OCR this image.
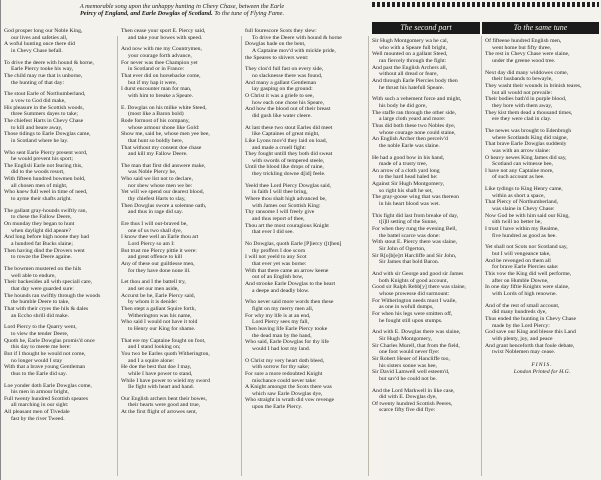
A memorable song upon the unhappy hunting in Chevy Chase, between the Earle
Peircy of England, and Earle Dowglas of Scotland. To the tune of Flying Fame.
The second part	To the same tune
God prosper long our Noble King,
our lives and safeties all,
A woful hunting once there did
in Chevy Chase befall.
To drive the deere with hound & horne,
Earle Piercy tooke his way,
The child may rue that is unborne,
the hunting of that day:
The stout Earle of Northumberland,
a vow to God did make,
His pleasure in the Scottish woods,
three Summers dayes to take;
The chiefest Harts in Chevy Chase
to kill and beare away,
Those tidings to Earle Dowglas came,
in Scotland where he lay.
Who sent Earle Piercy present word,
he would prevent his sport;
The Englisli Earle not fearing this,
did to the woods resort,
With fifteen hundred bowmen bold,
all chosen men of might,
Who knew full weel in time of need,
to ayme their shafts aright.
The gallant gray-hounds swiftly ran,
to chese the Fallow Deere,
On munday they began to hunt
when daylight did apeare?
And long before high noone they had
a hundred fat Bucks slaine;
Then having dind the Drovers went
to rowze the Deere againe.
The bowmen mustered on the hils
well able to endure,
Their backesides all with speciall care,
that day were guarded sure:
The hounds ran swiftly through the woods
the humble Deere to take,
That with their cryes the hils & dales
an Eccho shrill did make.
Lord Piercy to the Quarry went,
to view the tender Deere,
Quoth he, Earle Dowglas promis'd once
this day to meete me here:
But if I thought he would not come,
no longer would I stay
With that a brave young Gentleman
thus to the Earle did say.
Loe yonder doth Earle Dowglas come,
his men in armour bright,
Full twenty hundred Scottish speares
all marching in our sight:
All pleasant men of Tivedale
fast by the river Tweed.
Then cease your sport E. Piercy said,
and take your bowes with speed.
And now with me my Countrymen,
your courage forth advance,
For never was thee Champion yet
in Scotland or in France:
That ever did on horsebacke come,
but if my hap it were,
I durst encounter man for man,
with him to breake a Speare.
E. Dowglas on his milke white Steed,
(most like a Baron bold)
Rode formost of his company,
whose armour shone like Gold:
Show me, said he, whose men yee bee,
that hunt so boldly here,
That without my consent doe chase
and kill my Fallow Deere.
The man that first did answere make,
was Noble Piercy he,
Who said we list not to declare,
nor shew whose men we be:
Yet will we spend our dearest blood,
thy chiefest Harts to slay,
Then Dowglas swore a solemne oath,
and thus in rage did say.
Ere thus I will out-braved be,
one of us two shall dye,
I know thee well an Earle thou art
Lord Piercy so am I:
But trust me Piercy pittie it were:
and great offence to kill
Any of these our guiltlesse men,
for they have done none ill.
Let thou and I the battell try,
and set our men aside,
Accurst be he, Earle Piercy said,
by whom it is denide:
Then stept a gallant Squire forth,
Witherington was his name,
Who said I would not have it told
to Henry our King for shame.
That ere my Captaine fought on foot,
and I stand looking on;
You two be Earles quoth Witherington,
and I a squire alone:
He doe the best that doe I may,
while I have power to stand,
While I have power to wield my sword
Ile fight with heart and hand.
Our English archers bent their bowes,
their hearts were good and true,
At the first flight of arrowes sent,
full fourescore Scots they slew:
To drive the Deere with hound & horne
Dowglas bade on the bent,
A Captaine mov'd with mickle pride,
the Speares to shivers went:
They clos'd full fast on every side,
no slacknesse there was found,
And many a gallant Gentleman
lay gasping on the ground:
O Christ it was a griefe to see,
how each one chose his Speare,
And how the blood out of their breast
did gush like water cleere.
At last these two stout Earles did meet
like Captaines of great might,
Like Lyons mov'd they laid on load,
and made a cruell fight:
They fought untill they both did sweat
with swords of tempered steele,
Until the blood like drops of raine,
they trickling downe d[id] feele.
Yeeld thee Lord Piercy Dowglas said,
in faith I will thee bring,
Where thou shalt high advanced be,
with James our Scottish King:
Thy ransome I will freely give
and thus report of thee,
Thou art the most couragious Knight
that ever I did see.
No Dowglas, quoth Earle [P]iercy ([t]hen]
thy proffers I doe scorn
I will not yeeld to any Scot
that ever yet was borne:
With that there came an arrow keene
out of an English bow,
And strooke Earle Dowglas to the heart
a deepe and deadly blow.
Who never said more words then these
fight on my merry men all,
For why my life is at an end,
Lord Piercy sees my fall,
Then leaving life Earle Piercy tooke
the dead man by the hand,
Who said, Earle Dowglas for thy life
would I had lost my land.
O Christ my very heart doth bleed,
with sorrow for thy sake;
For sure a more redoubted Knight
mischance could never take:
A Knight amongst the Scots there was
which saw Earle Dowglas dye,
Who straight in wrath did vow revenge
upon the Earle Piercy.
Sir Hugh Montgomery wa he cal,
who with a Speare full bright,
Well mounted on a gallant Steed,
ran fiercely through the fight:
And past the English Archers all,
without all dread or feare,
And through Earle Piercies body then
he thrust his hatefull Speare.
With such a vehement force and might,
his body he did gore,
The staffe ran through the other side,
a large cloth yeard and more:
Thus did both these two Nobles dye,
whose courage none could staine,
An English Archer then perceiv'd
the noble Earle was slaine.
He had a good bow in his hand,
made of a trusty tree,
An arrow of a cloth yard long
to the hard head haled he:
Against Sir Hugh Montgomery,
so right his shaft he set,
The gray-goose wing that was thereon
in his heart blood was wet.
This fight did last from breake of day,
t[i]ll setting of the Sunne,
For when they rung the evening Bell,
the battel scarce was done:
With stout E. Piercy there was slaine,
Sir John of Ogerton,
Sir R[o]b[e]rt Harcliffe and Sir John,
Sir James that bold Baron.
And with sir George and good sir James
both Knights of good account,
Good sir Ralph Rebb[y] there was slaine,
whose prowesse did surmount:
For Witherington needs must I waile,
as one in wofull dumps,
For when his legs were smitten off,
he fought still upon stumps.
And with E. Dowglas there was slaine,
Sir Hugh Montgomery,
Sir Charles Murell, that from the field,
one foot would never flye:
Sir Robert Heuer of Hancliffe too,
his sisters sonne was hee,
Sir David Lamwell well esteem'd,
but sav'd he could not be.
And the Lord Markwell in like case,
did with E. Dowglas dye,
Of twenty hundred Scottish Peeres,
scarce fifty five did flye:
Of fifteene hundred English men,
went home but fifty three,
The rest in Chevy Chase were slaine,
under the greene wood tree.
Next day did many widdowes come,
their husbands to bewayle,
They washt their wounds in brinish teares,
but all would not prevaile:
Their bodies bath'd in purple blood,
they bore with them away,
They kist them dead a thousand times,
ere they were clad in clay.
The newes was brought to Edenbrogh
where Scotlands King did raigne,
That brave Earle Dowglas suddenly
was with an arrow slaine:
O heavy newes King James did say,
Scotland can witnesse bee,
I have not any Captaine more,
of such account as hee.
Like tydings to King Henry came,
within as short a space,
That Piercy of Northumberland,
was slaine in Chevy Chase:
Now God be with him said our King,
sith twill no better be,
I trust I have within my Realme,
five hundred as good as hee.
Yet shall not Scots nor Scotland say,
but I will vengeance take,
And be revenged on them all
for brave Earle Piercies sake:
This vow the King did well performe,
after on Humble Downe,
In one day fiftie Knights were slaine,
with Lords of high renowne.
And of the rest of small account,
did many hundreds dye,
Thus ended the hunting in Chevy Chase
made by the Lord Piercy:
God save our King and blesse this Land
with plenty, joy, and peace
And grant henceforth that foule debate,
twixt Noblemen may cease.
FINIS.
London Printed for H.G.
